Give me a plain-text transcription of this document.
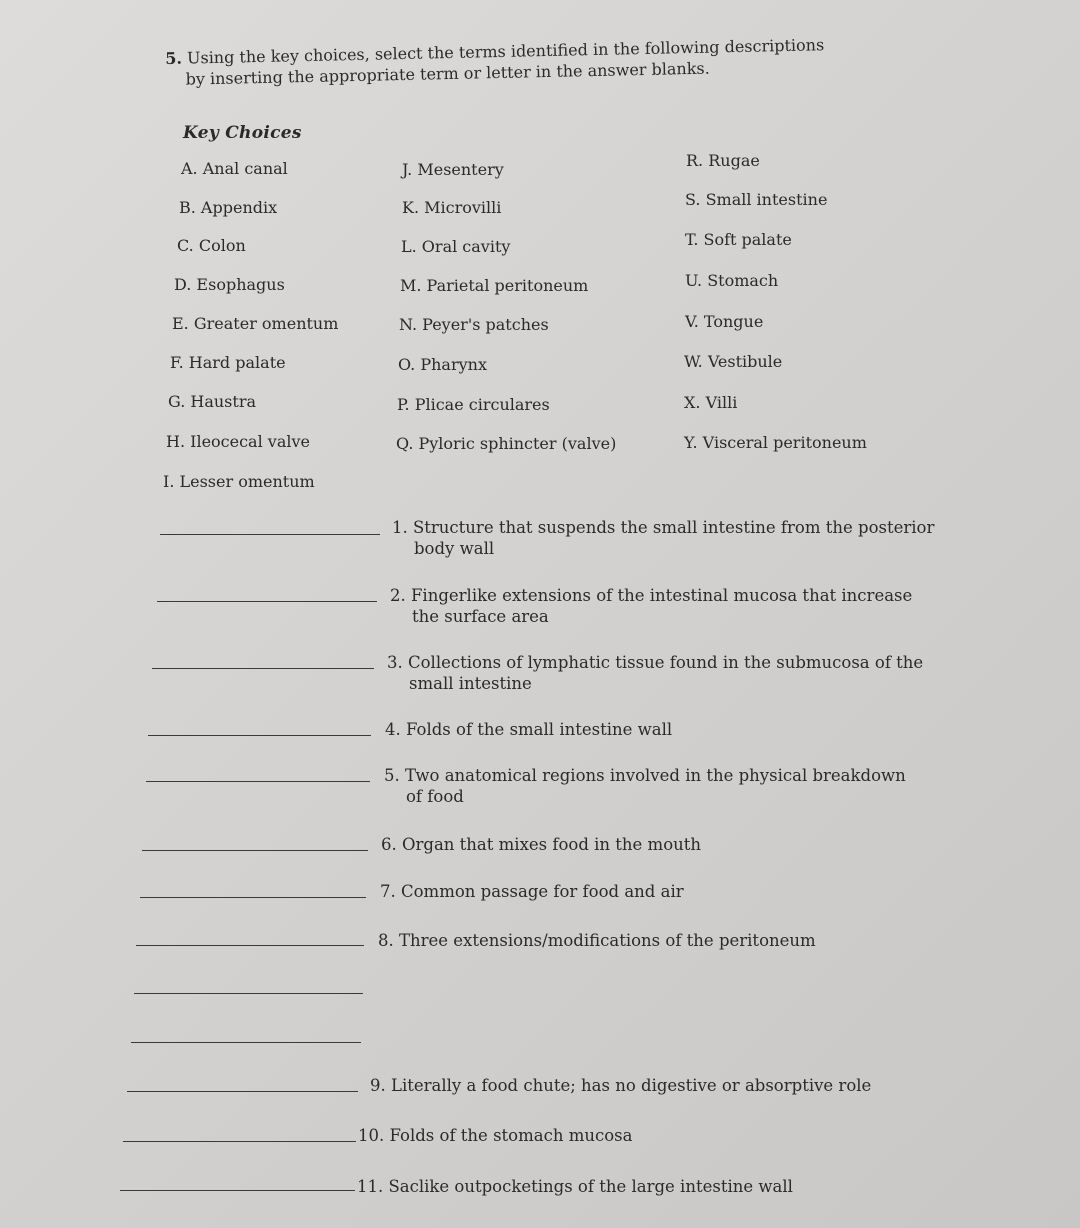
5. Using the key choices, select the terms identified in the following descriptions
by inserting the appropriate term or letter in the answer blanks.
Key Choices
A. Anal canal
B. Appendix
C. Colon
D. Esophagus
E. Greater omentum
F. Hard palate
G. Haustra
H. Ileocecal valve
I. Lesser omentum
J. Mesentery
K. Microvilli
L. Oral cavity
M. Parietal peritoneum
N. Peyer's patches
O. Pharynx
P. Plicae circulares
Q. Pyloric sphincter (valve)
R. Rugae
S. Small intestine
T. Soft palate
U. Stomach
V. Tongue
W. Vestibule
X. Villi
Y. Visceral peritoneum
1. Structure that suspends the small intestine from the posterior
body wall
2. Fingerlike extensions of the intestinal mucosa that increase
the surface area
3. Collections of lymphatic tissue found in the submucosa of the
small intestine
4. Folds of the small intestine wall
5. Two anatomical regions involved in the physical breakdown
of food
6. Organ that mixes food in the mouth
7. Common passage for food and air
8. Three extensions/modifications of the peritoneum
9. Literally a food chute; has no digestive or absorptive role
10. Folds of the stomach mucosa
11. Saclike outpocketings of the large intestine wall
